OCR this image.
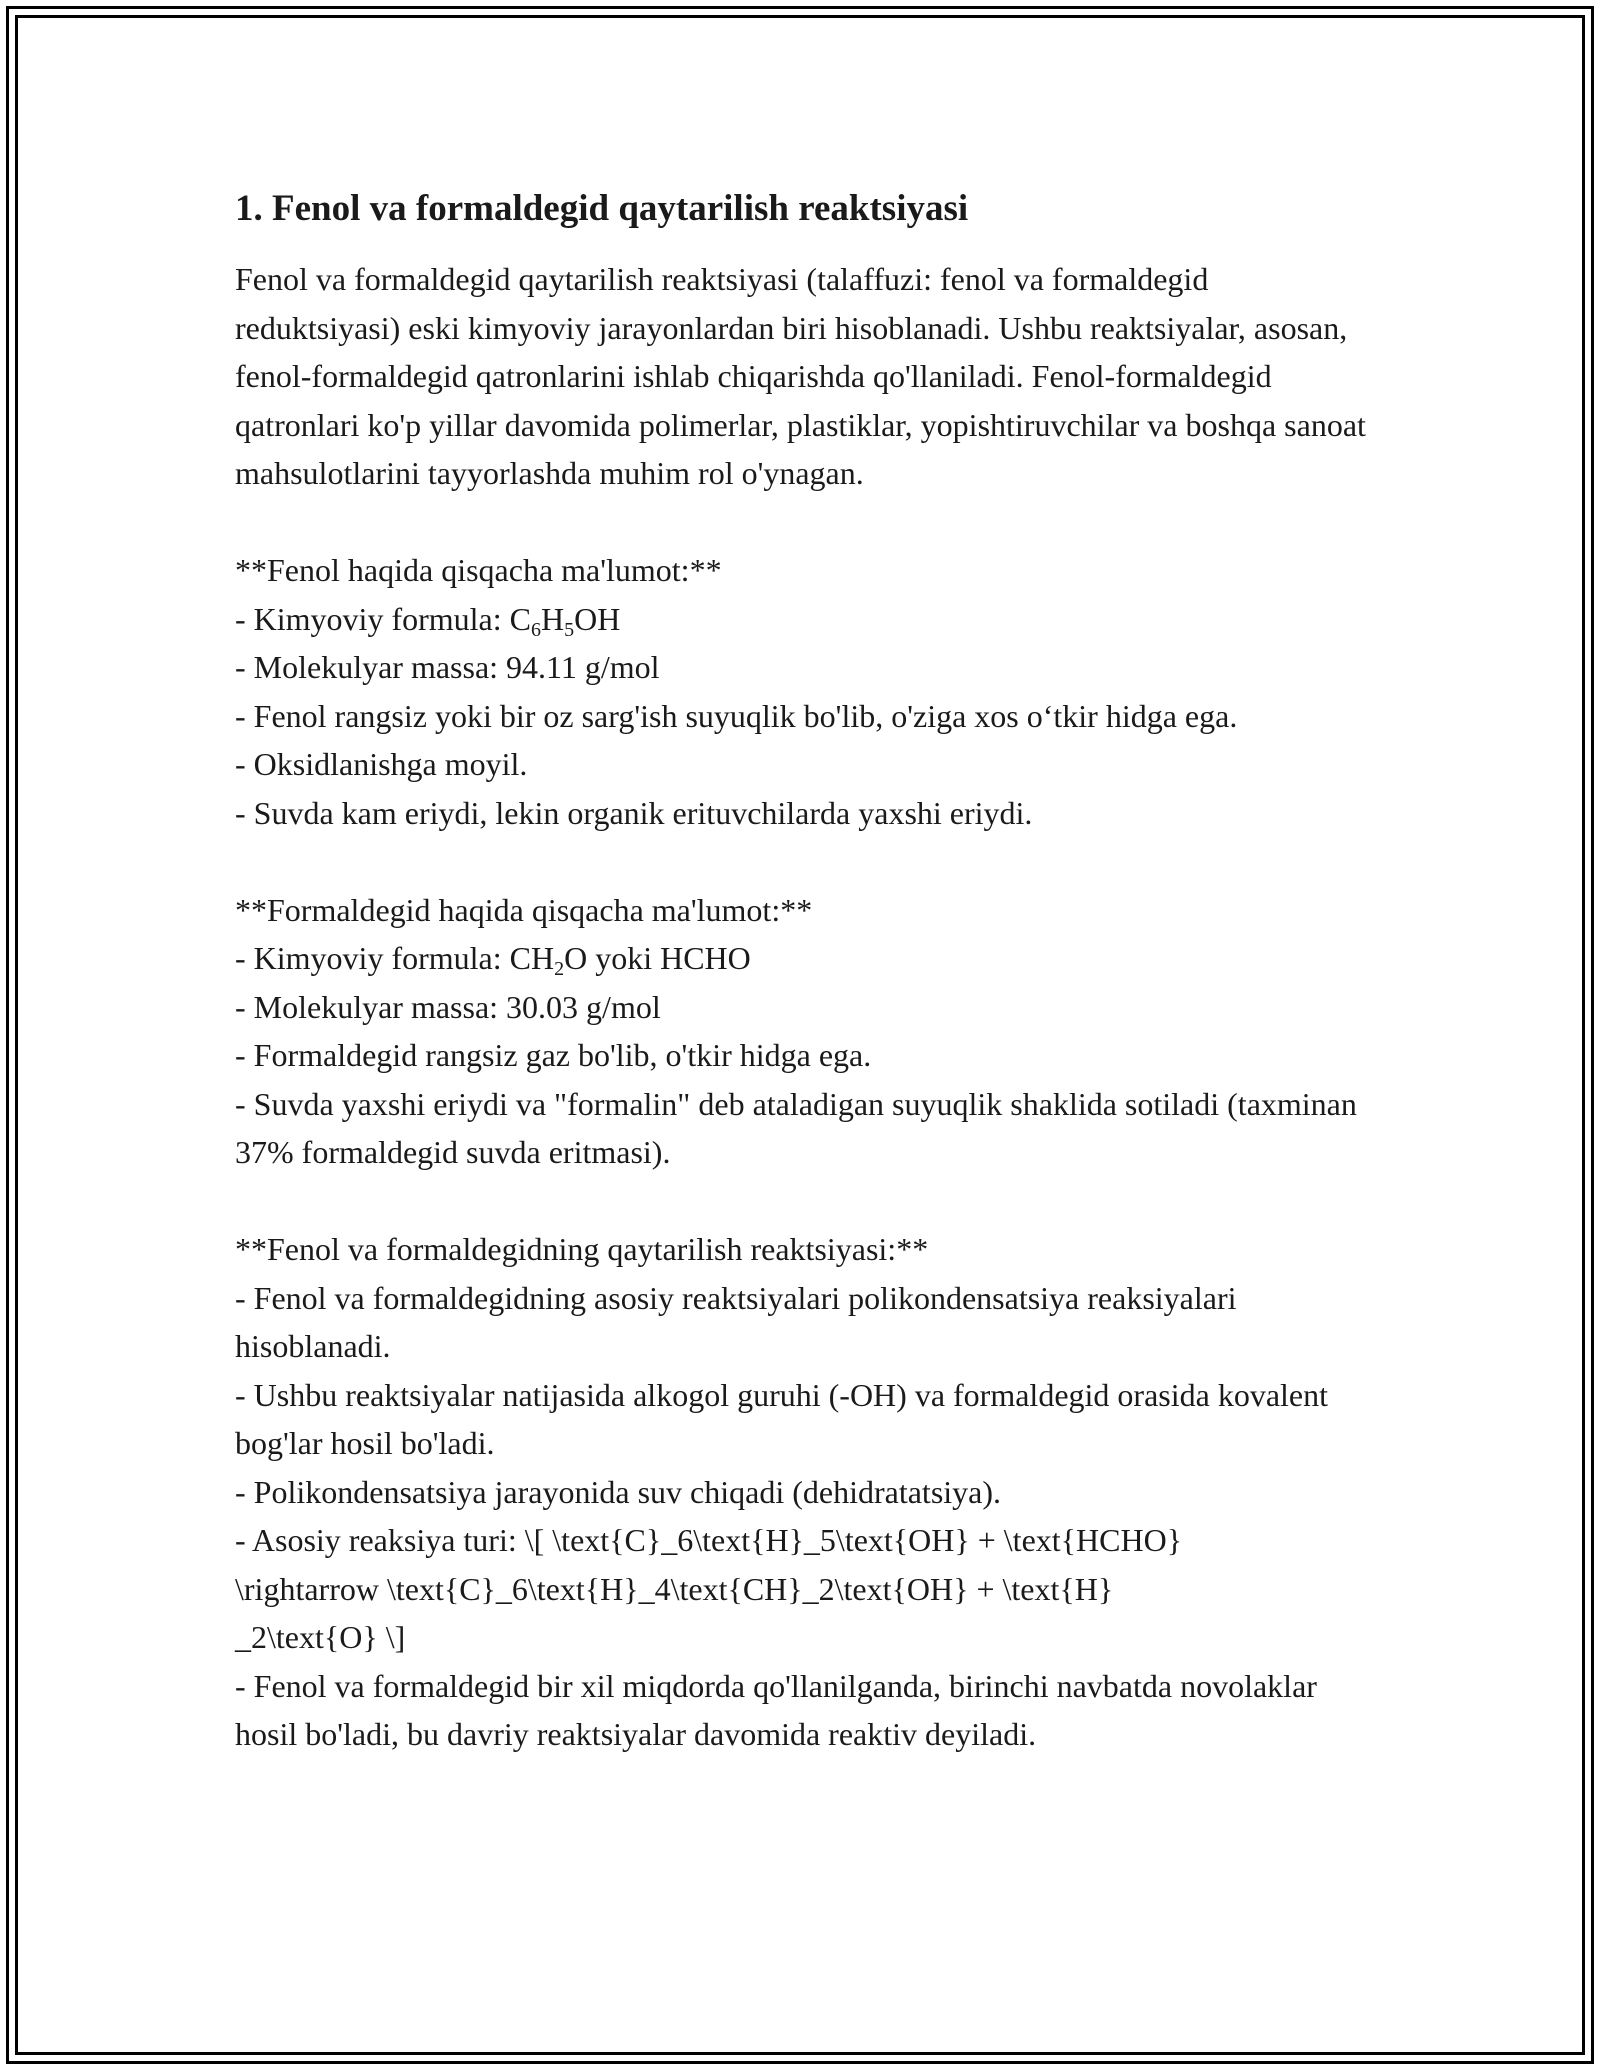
1. Fenol va formaldegid qaytarilish reaktsiyasi

Fenol va formaldegid qaytarilish reaktsiyasi (talaffuzi: fenol va formaldegid reduktsiyasi) eski kimyoviy jarayonlardan biri hisoblanadi. Ushbu reaktsiyalar, asosan, fenol-formaldegid qatronlarini ishlab chiqarishda qo'llaniladi. Fenol-formaldegid qatronlari ko'p yillar davomida polimerlar, plastiklar, yopishtiruvchilar va boshqa sanoat mahsulotlarini tayyorlashda muhim rol o'ynagan.

**Fenol haqida qisqacha ma'lumot:**

- Kimyoviy formula: $C_6H_5OH$

- Molekulyar massa: 94.11 g/mol

- Fenol rangsiz yoki bir oz sarg'ish suyuqlik bo'lib, o'ziga xos o‘tkir hidga ega.

- Oksidlanishga moyil.

- Suvda kam eriydi, lekin organik erituvchilarda yaxshi eriydi.

**Formaldegid haqida qisqacha ma'lumot:**

- Kimyoviy formula: $CH_2O$ yoki HCHO

- Molekulyar massa: 30.03 g/mol

- Formaldegid rangsiz gaz bo'lib, o'tkir hidga ega.

- Suvda yaxshi eriydi va "formalin" deb ataladigan suyuqlik shaklida sotiladi (taxminan 37% formaldegid suvda eritmasi).

**Fenol va formaldegidning qaytarilish reaktsiyasi:**

- Fenol va formaldegidning asosiy reaktsiyalari polikondensatsiya reaksiyalari hisoblanadi.

- Ushbu reaktsiyalar natijasida alkogol guruhi (-OH) va formaldegid orasida kovalent bog'lar hosil bo'ladi.

- Polikondensatsiya jarayonida suv chiqadi (dehidratatsiya).

- Asosiy reaksiya turi: \[ \text{C}_6\text{H}_5\text{OH} + \text{HCHO}

\rightarrow \text{C}_6\text{H}_4\text{CH}_2\text{OH} + \text{H}

_2\text{O} \]

- Fenol va formaldegid bir xil miqdorda qo'llanilganda, birinchi navbatda novolaklar hosil bo'ladi, bu davriy reaktsiyalar davomida reaktiv deyiladi.
